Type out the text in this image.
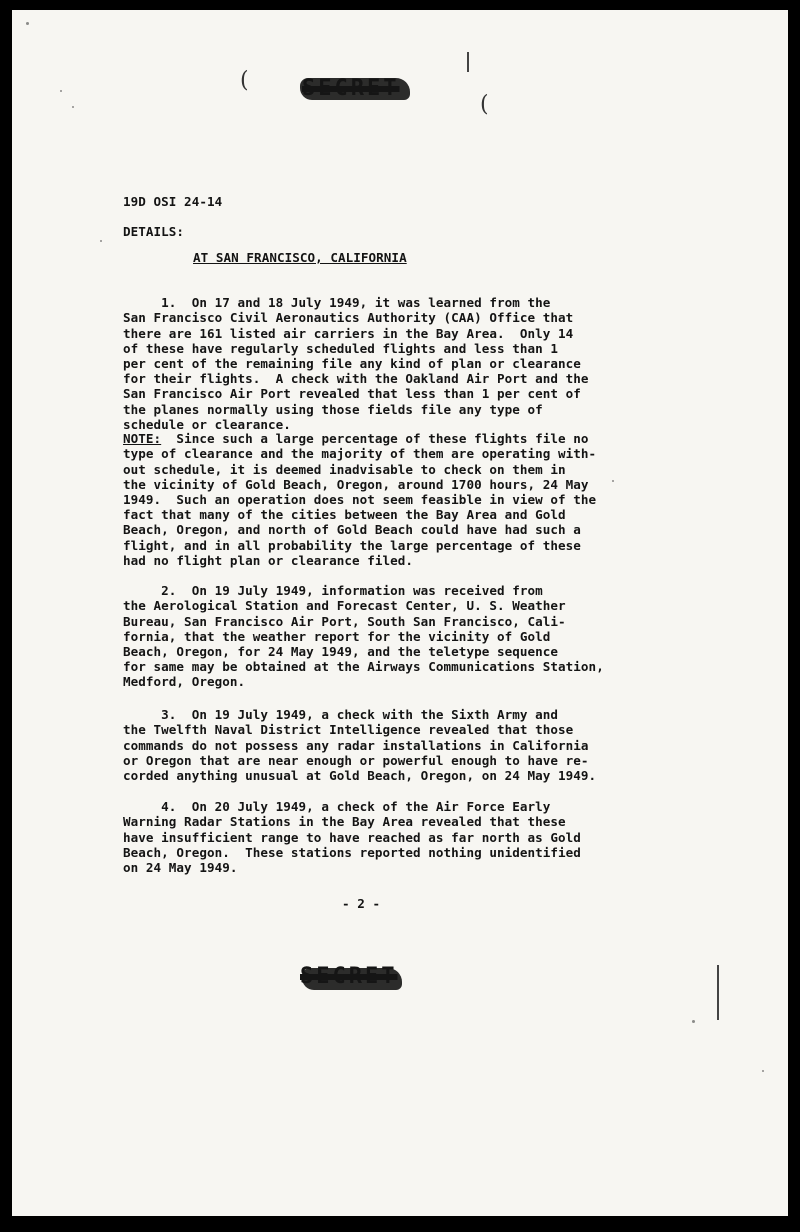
( SECRET
(
19D OSI 24-14
DETAILS:
AT SAN FRANCISCO, CALIFORNIA

1.  On 17 and 18 July 1949, it was learned from the
San Francisco Civil Aeronautics Authority (CAA) Office that
there are 161 listed air carriers in the Bay Area.  Only 14
of these have regularly scheduled flights and less than 1
per cent of the remaining file any kind of plan or clearance
for their flights.  A check with the Oakland Air Port and the
San Francisco Air Port revealed that less than 1 per cent of
the planes normally using those fields file any type of
schedule or clearance.

NOTE:  Since such a large percentage of these flights file no
type of clearance and the majority of them are operating with-
out schedule, it is deemed inadvisable to check on them in
the vicinity of Gold Beach, Oregon, around 1700 hours, 24 May
1949.  Such an operation does not seem feasible in view of the
fact that many of the cities between the Bay Area and Gold
Beach, Oregon, and north of Gold Beach could have had such a
flight, and in all probability the large percentage of these
had no flight plan or clearance filed.

2.  On 19 July 1949, information was received from
the Aerological Station and Forecast Center, U. S. Weather
Bureau, San Francisco Air Port, South San Francisco, Cali-
fornia, that the weather report for the vicinity of Gold
Beach, Oregon, for 24 May 1949, and the teletype sequence
for same may be obtained at the Airways Communications Station,
Medford, Oregon.

3.  On 19 July 1949, a check with the Sixth Army and
the Twelfth Naval District Intelligence revealed that those
commands do not possess any radar installations in California
or Oregon that are near enough or powerful enough to have re-
corded anything unusual at Gold Beach, Oregon, on 24 May 1949.

4.  On 20 July 1949, a check of the Air Force Early
Warning Radar Stations in the Bay Area revealed that these
have insufficient range to have reached as far north as Gold
Beach, Oregon.  These stations reported nothing unidentified
on 24 May 1949.
- 2 -
SECRET
